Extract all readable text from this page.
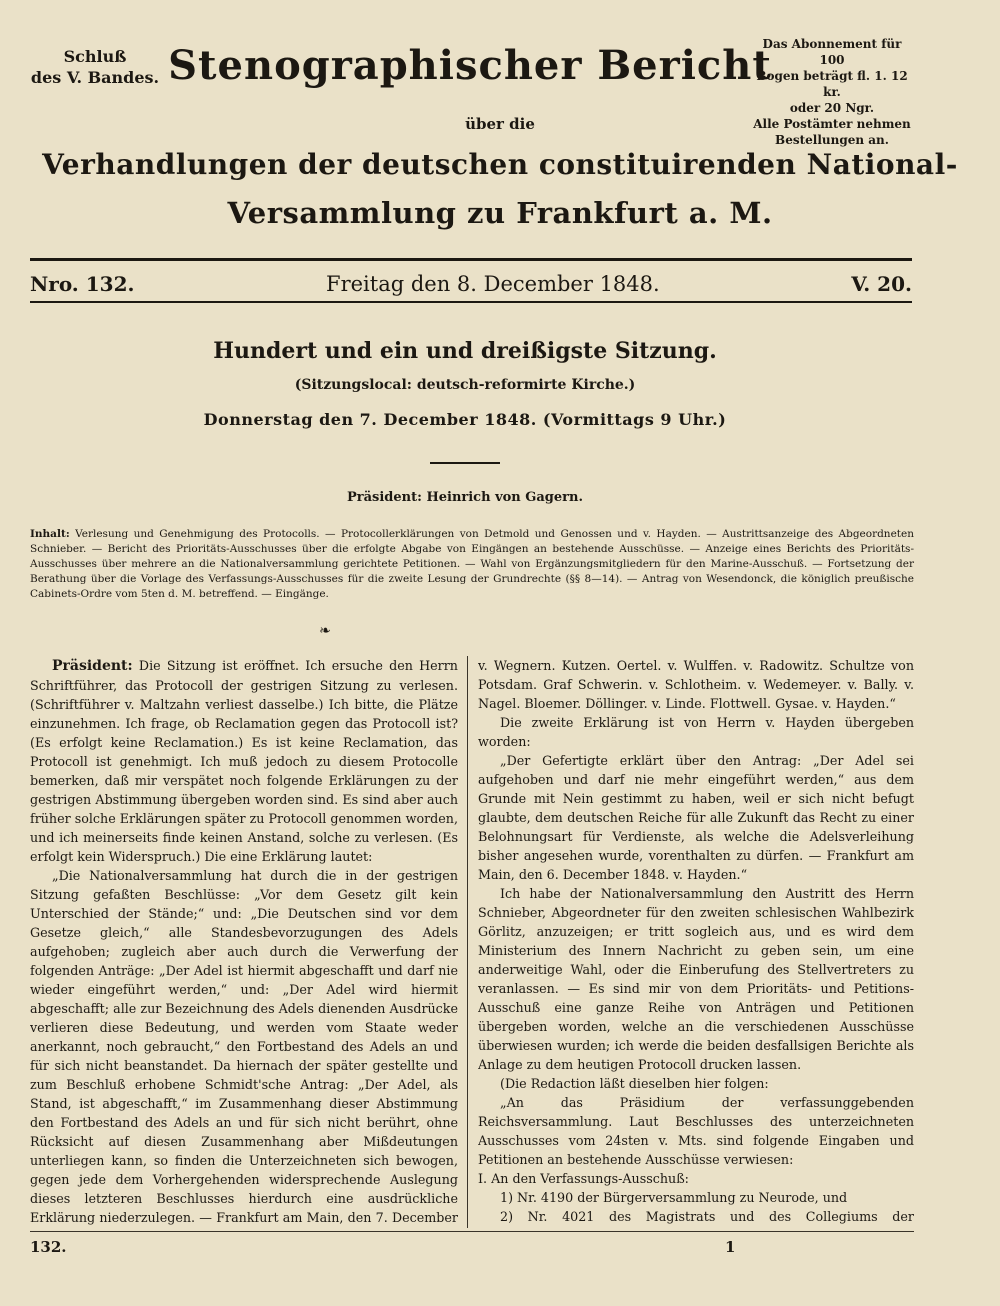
Schluß
des V. Bandes. Stenographischer Bericht
Das Abonnement für 100
Bogen beträgt fl. 1. 12 kr.
oder 20 Ngr.
Alle Postämter nehmen
Bestellungen an.
über die
Verhandlungen der deutschen constituirenden National-
Versammlung zu Frankfurt a. M.
Nro. 132.	Freitag den 8. December 1848.	V. 20.
Hundert und ein und dreißigste Sitzung.
(Sitzungslocal: deutsch-reformirte Kirche.)
Donnerstag den 7. December 1848. (Vormittags 9 Uhr.)
Präsident: Heinrich von Gagern.
Inhalt: Verlesung und Genehmigung des Protocolls. — Protocollerklärungen von Detmold und Genossen und v. Hayden. — Austrittsanzeige des Abgeordneten Schnieber. — Bericht des Prioritäts-Ausschusses über die erfolgte Abgabe von Eingängen an bestehende Ausschüsse. — Anzeige eines Berichts des Prioritäts-Ausschusses über mehrere an die Nationalversammlung gerichtete Petitionen. — Wahl von Ergänzungsmitgliedern für den Marine-Ausschuß. — Fortsetzung der Berathung über die Vorlage des Verfassungs-Ausschusses für die zweite Lesung der Grundrechte (§§ 8—14). — Antrag von Wesendonck, die königlich preußische Cabinets-Ordre vom 5ten d. M. betreffend. — Eingänge.
❧

Präsident: Die Sitzung ist eröffnet. Ich ersuche den Herrn Schriftführer, das Protocoll der gestrigen Sitzung zu verlesen. (Schriftführer v. Maltzahn verliest dasselbe.) Ich bitte, die Plätze einzunehmen. Ich frage, ob Reclamation gegen das Protocoll ist? (Es erfolgt keine Reclamation.) Es ist keine Reclamation, das Protocoll ist genehmigt. Ich muß jedoch zu diesem Protocolle bemerken, daß mir verspätet noch folgende Erklärungen zu der gestrigen Abstimmung übergeben worden sind. Es sind aber auch früher solche Erklärungen später zu Protocoll genommen worden, und ich meinerseits finde keinen Anstand, solche zu verlesen. (Es erfolgt kein Widerspruch.) Die eine Erklärung lautet:

„Die Nationalversammlung hat durch die in der gestrigen Sitzung gefaßten Beschlüsse: „Vor dem Gesetz gilt kein Unterschied der Stände;“ und: „Die Deutschen sind vor dem Gesetze gleich,“ alle Standesbevorzugungen des Adels aufgehoben; zugleich aber auch durch die Verwerfung der folgenden Anträge: „Der Adel ist hiermit abgeschafft und darf nie wieder eingeführt werden,“ und: „Der Adel wird hiermit abgeschafft; alle zur Bezeichnung des Adels dienenden Ausdrücke verlieren diese Bedeutung, und werden vom Staate weder anerkannt, noch gebraucht,“ den Fortbestand des Adels an und für sich nicht beanstandet. Da hiernach der später gestellte und zum Beschluß erhobene Schmidt'sche Antrag: „Der Adel, als Stand, ist abgeschafft,“ im Zusammenhang dieser Abstimmung den Fortbestand des Adels an und für sich nicht berührt, ohne Rücksicht auf diesen Zusammenhang aber Mißdeutungen unterliegen kann, so finden die Unterzeichneten sich bewogen, gegen jede dem Vorhergehenden widersprechende Auslegung dieses letzteren Beschlusses hierdurch eine ausdrückliche Erklärung niederzulegen. — Frankfurt am Main, den 7. December

v. Wegnern. Kutzen. Oertel. v. Wulffen. v. Radowitz. Schultze von Potsdam. Graf Schwerin. v. Schlotheim. v. Wedemeyer. v. Bally. v. Nagel. Bloemer. Döllinger. v. Linde. Flottwell. Gysae. v. Hayden.“

Die zweite Erklärung ist von Herrn v. Hayden übergeben worden:

„Der Gefertigte erklärt über den Antrag: „Der Adel sei aufgehoben und darf nie mehr eingeführt werden,“ aus dem Grunde mit Nein gestimmt zu haben, weil er sich nicht befugt glaubte, dem deutschen Reiche für alle Zukunft das Recht zu einer Belohnungsart für Verdienste, als welche die Adelsverleihung bisher angesehen wurde, vorenthalten zu dürfen. — Frankfurt am Main, den 6. December 1848. v. Hayden.“

Ich habe der Nationalversammlung den Austritt des Herrn Schnieber, Abgeordneter für den zweiten schlesischen Wahlbezirk Görlitz, anzuzeigen; er tritt sogleich aus, und es wird dem Ministerium des Innern Nachricht zu geben sein, um eine anderweitige Wahl, oder die Einberufung des Stellvertreters zu veranlassen. — Es sind mir von dem Prioritäts- und Petitions-Ausschuß eine ganze Reihe von Anträgen und Petitionen übergeben worden, welche an die verschiedenen Ausschüsse überwiesen wurden; ich werde die beiden desfallsigen Berichte als Anlage zu dem heutigen Protocoll drucken lassen.

(Die Redaction läßt dieselben hier folgen:

„An das Präsidium der verfassunggebenden Reichsversammlung. Laut Beschlusses des unterzeichneten Ausschusses vom 24sten v. Mts. sind folgende Eingaben und Petitionen an bestehende Ausschüsse verwiesen:

I. An den Verfassungs-Ausschuß:

1) Nr. 4190 der Bürgerversammlung zu Neurode, und

2) Nr. 4021 des Magistrats und des Collegiums der

132.	1
